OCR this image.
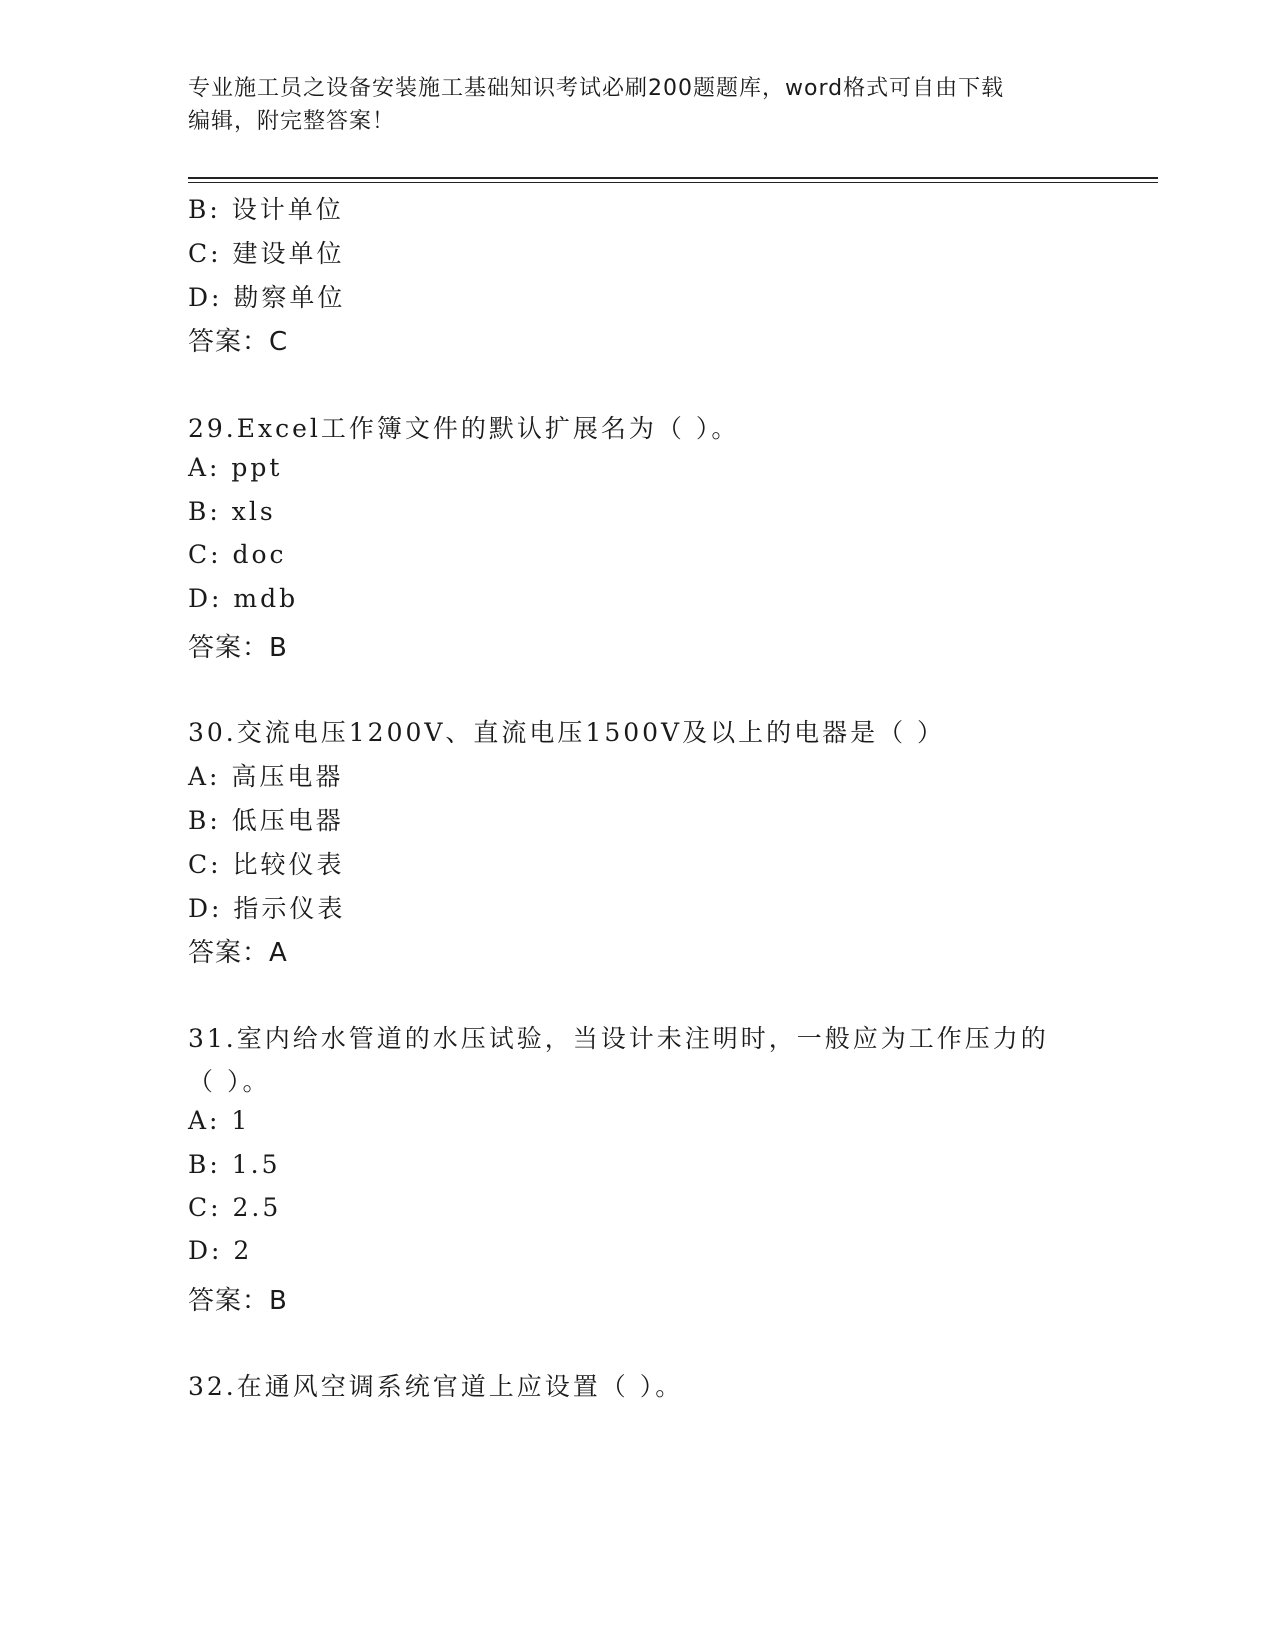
专业施工员之设备安装施工基础知识考试必刷200题题库，word格式可自由下载
编辑，附完整答案！
B: 设计单位
C: 建设单位
D: 勘察单位
答案：C
29.Excel工作簿文件的默认扩展名为（ ）。
A: ppt
B: xls
C: doc
D: mdb
答案：B
30.交流电压1200V、直流电压1500V及以上的电器是（ ）
A: 高压电器
B: 低压电器
C: 比较仪表
D: 指示仪表
答案：A
31.室内给水管道的水压试验，当设计未注明时，一般应为工作压力的
（ ）。
A: 1
B: 1.5
C: 2.5
D: 2
答案：B
32.在通风空调系统官道上应设置（ ）。
